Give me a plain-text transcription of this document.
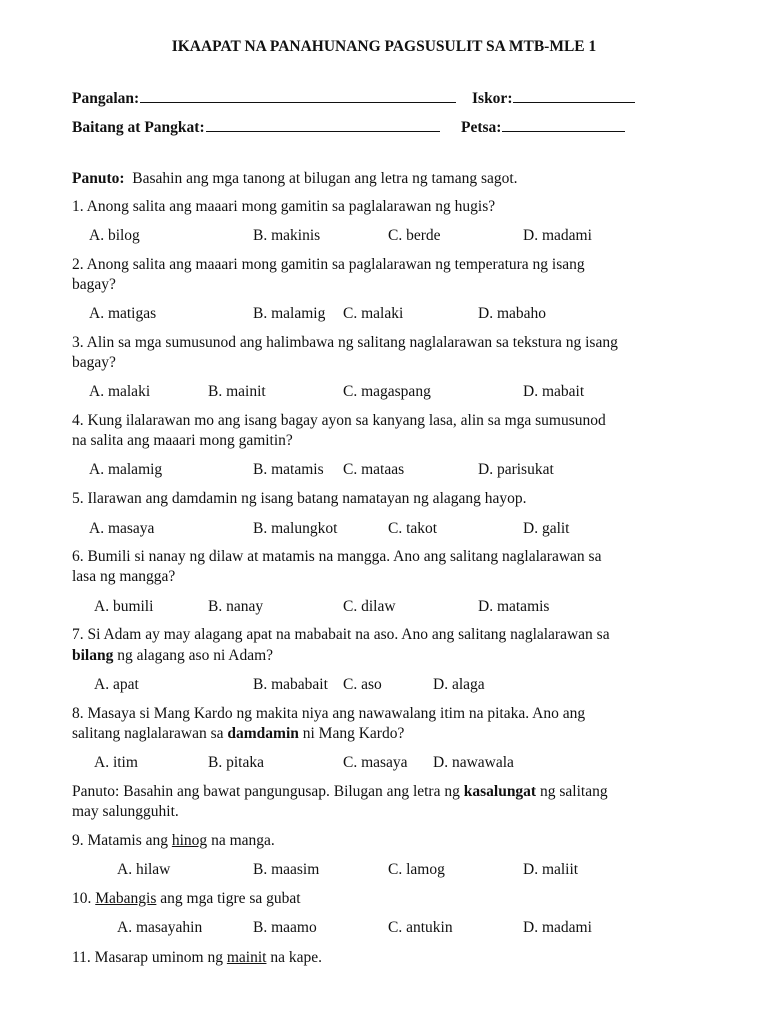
IKAAPAT NA PANAHUNANG PAGSUSULIT SA MTB-MLE 1
Pangalan:	Iskor:
Baitang at Pangkat:	Petsa:
Panuto: Basahin ang mga tanong at bilugan ang letra ng tamang sagot.
1. Anong salita ang maaari mong gamitin sa paglalarawan ng hugis?
A. bilog	B. makinis	C. berde	D. madami
2. Anong salita ang maaari mong gamitin sa paglalarawan ng temperatura ng isang
bagay?
A. matigas	B. malamig C. malaki	D. mabaho
3. Alin sa mga sumusunod ang halimbawa ng salitang naglalarawan sa tekstura ng isang
bagay?
A. malaki	B. mainit	C. magaspang	D. mabait
4. Kung ilalarawan mo ang isang bagay ayon sa kanyang lasa, alin sa mga sumusunod
na salita ang maaari mong gamitin?
A. malamig	B. matamis C. mataas	D. parisukat
5. Ilarawan ang damdamin ng isang batang namatayan ng alagang hayop.
A. masaya	B. malungkot	C. takot	D. galit
6. Bumili si nanay ng dilaw at matamis na mangga. Ano ang salitang naglalarawan sa
lasa ng mangga?
A. bumili	B. nanay	C. dilaw	D. matamis
7. Si Adam ay may alagang apat na mababait na aso. Ano ang salitang naglalarawan sa
bilang ng alagang aso ni Adam?
A. apat	B. mababait C. aso	D. alaga
8. Masaya si Mang Kardo ng makita niya ang nawawalang itim na pitaka. Ano ang
salitang naglalarawan sa damdamin ni Mang Kardo?
A. itim	B. pitaka	C. masaya D. nawawala
Panuto: Basahin ang bawat pangungusap. Bilugan ang letra ng kasalungat ng salitang
may salungguhit.
9. Matamis ang hinog na manga.
A. hilaw	B. maasim	C. lamog	D. maliit
10. Mabangis ang mga tigre sa gubat
A. masayahin	B. maamo	C. antukin	D. madami
11. Masarap uminom ng mainit na kape.
